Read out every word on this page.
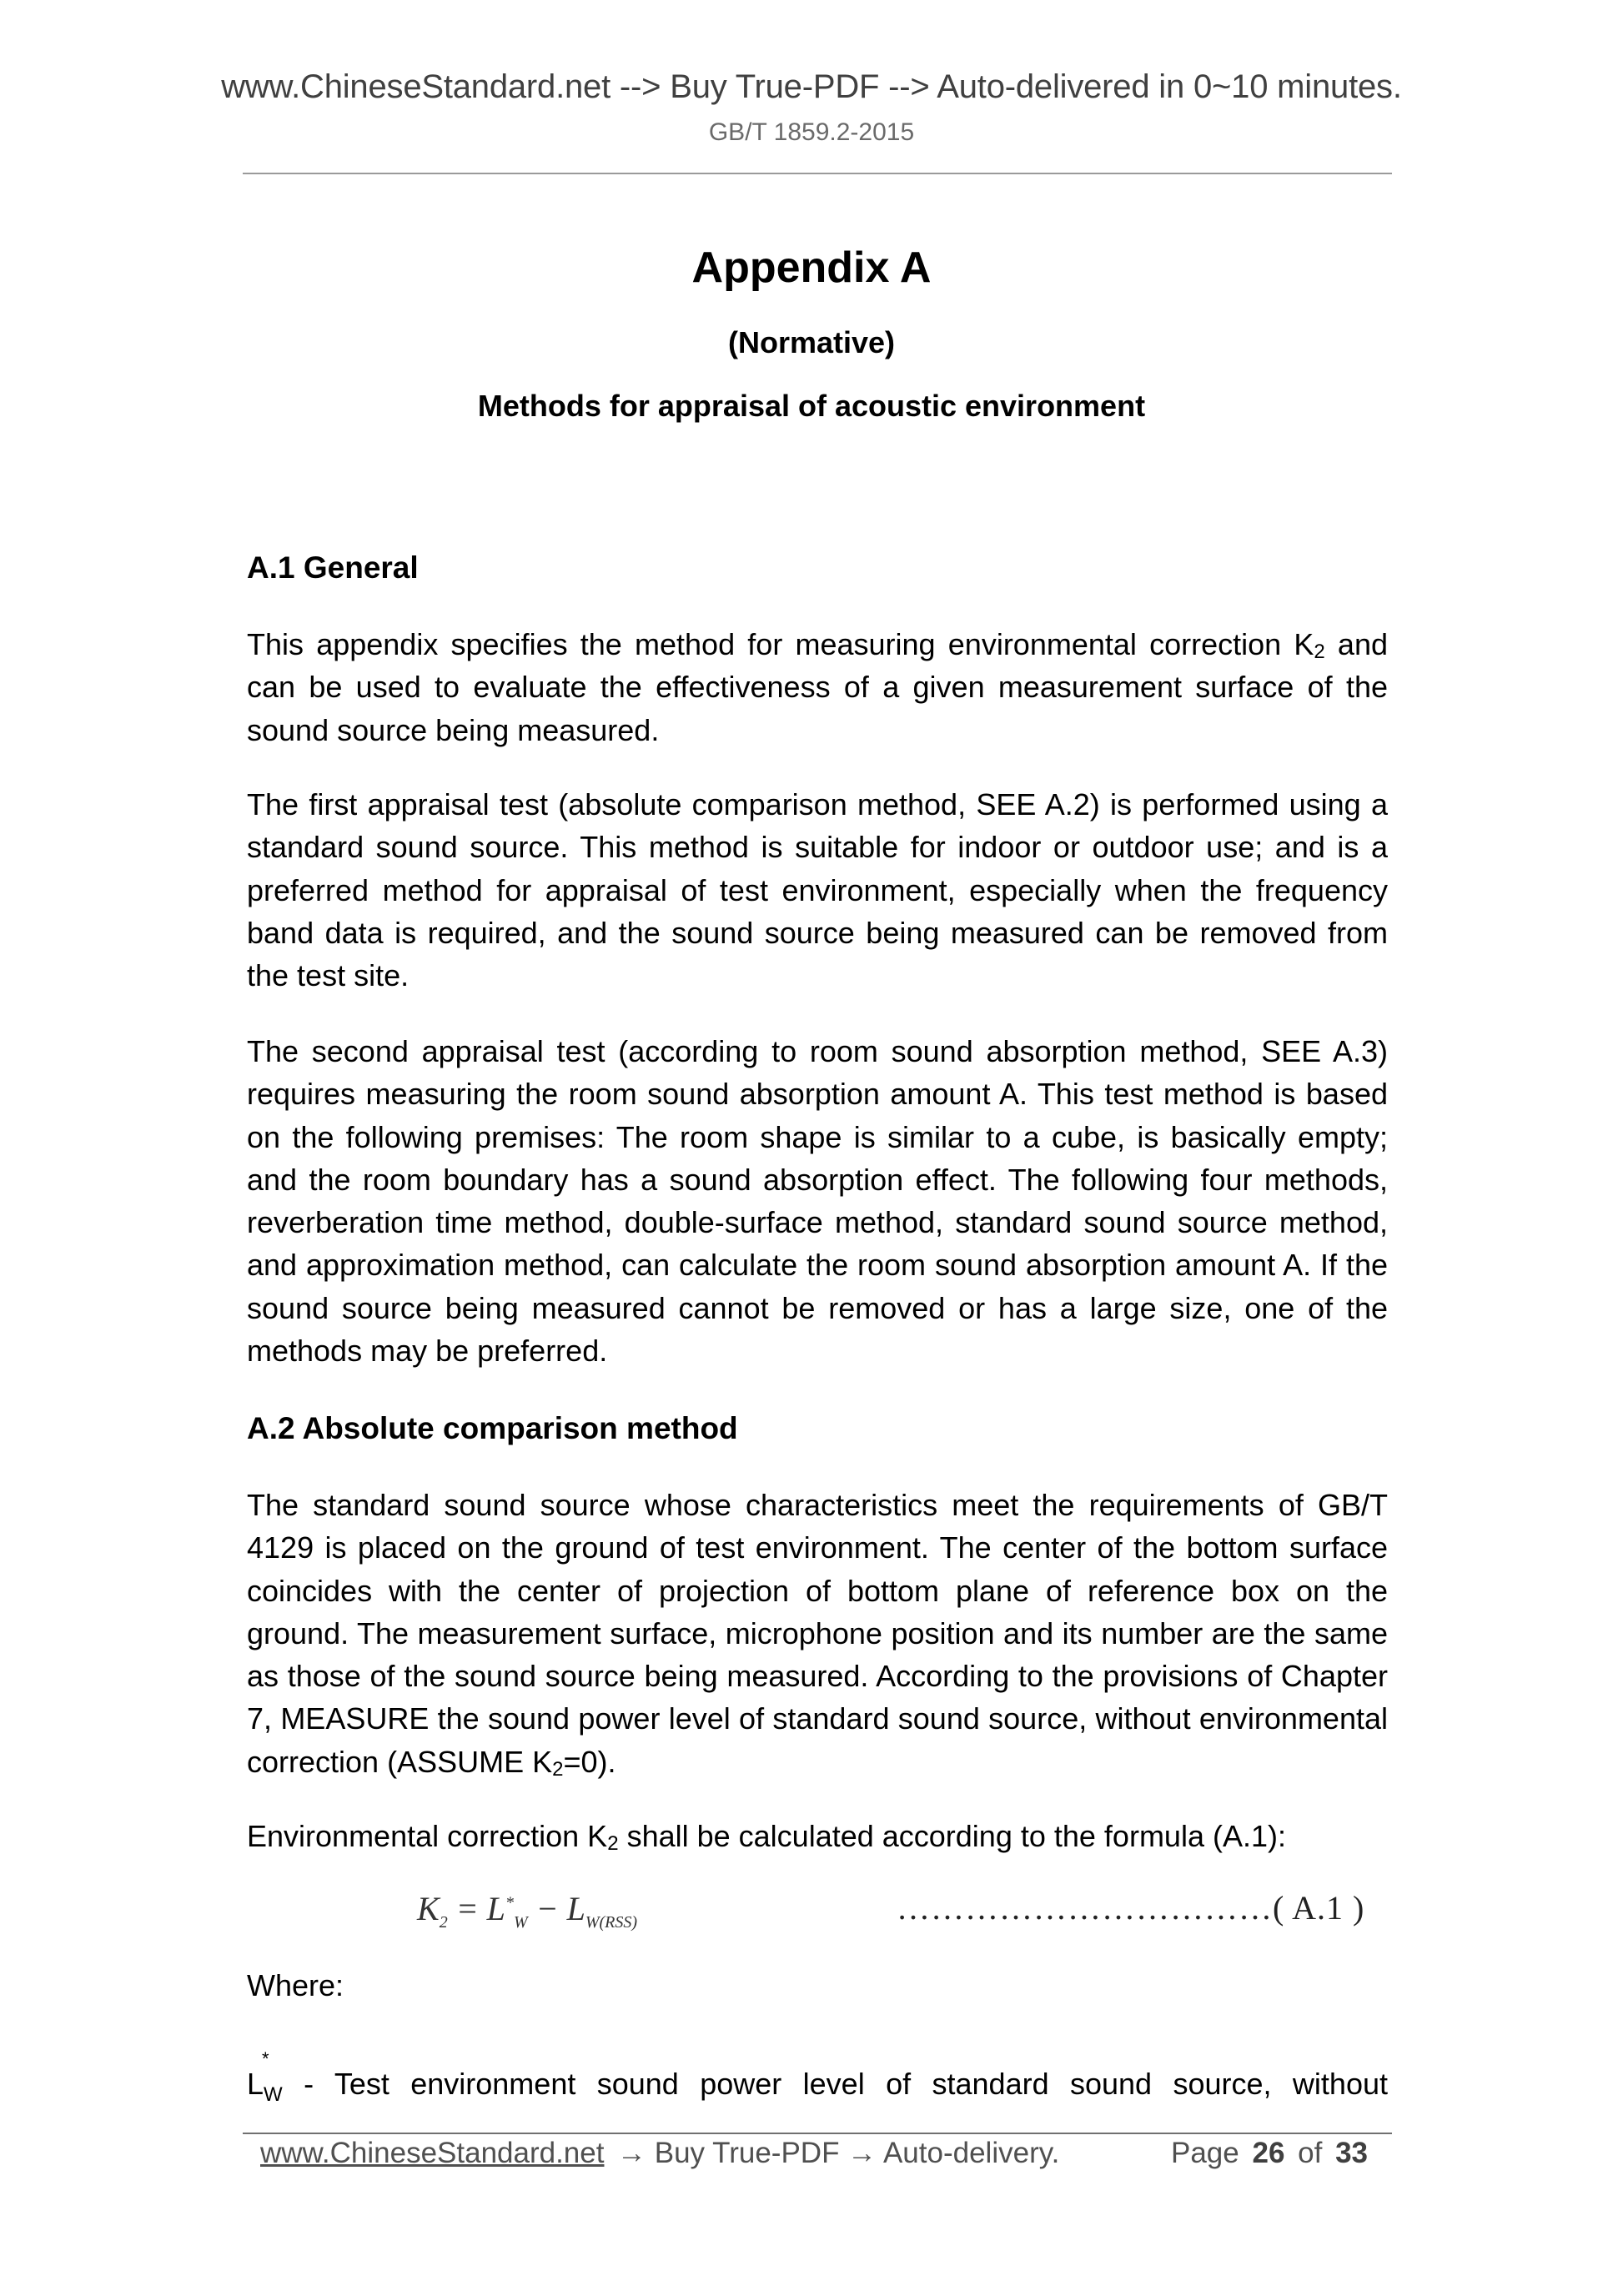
www.ChineseStandard.net --> Buy True-PDF --> Auto-delivered in 0~10 minutes.
GB/T 1859.2-2015
Appendix A
(Normative)
Methods for appraisal of acoustic environment
A.1 General
This appendix specifies the method for measuring environmental correction $K_2$ and can be used to evaluate the effectiveness of a given measurement surface of the sound source being measured.
The first appraisal test (absolute comparison method, SEE A.2) is performed using a standard sound source. This method is suitable for indoor or outdoor use; and is a preferred method for appraisal of test environment, especially when the frequency band data is required, and the sound source being measured can be removed from the test site.
The second appraisal test (according to room sound absorption method, SEE A.3) requires measuring the room sound absorption amount A. This test method is based on the following premises: The room shape is similar to a cube, is basically empty; and the room boundary has a sound absorption effect. The following four methods, reverberation time method, double-surface method, standard sound source method, and approximation method, can calculate the room sound absorption amount A. If the sound source being measured cannot be removed or has a large size, one of the methods may be preferred.
A.2 Absolute comparison method
The standard sound source whose characteristics meet the requirements of GB/T 4129 is placed on the ground of test environment. The center of the bottom surface coincides with the center of projection of bottom plane of reference box on the ground. The measurement surface, microphone position and its number are the same as those of the sound source being measured. According to the provisions of Chapter 7, MEASURE the sound power level of standard sound source, without environmental correction (ASSUME $K_2=0$).
Environmental correction $K_2$ shall be calculated according to the formula (A.1):
$K_2 = L^*_W - L_{W(RSS)}$	……………………………( A.1 )
Where:
L
*
$_W$ - Test environment sound power level of standard sound source, without
www.ChineseStandard.net → Buy True-PDF → Auto-delivery.	Page 26 of 33
